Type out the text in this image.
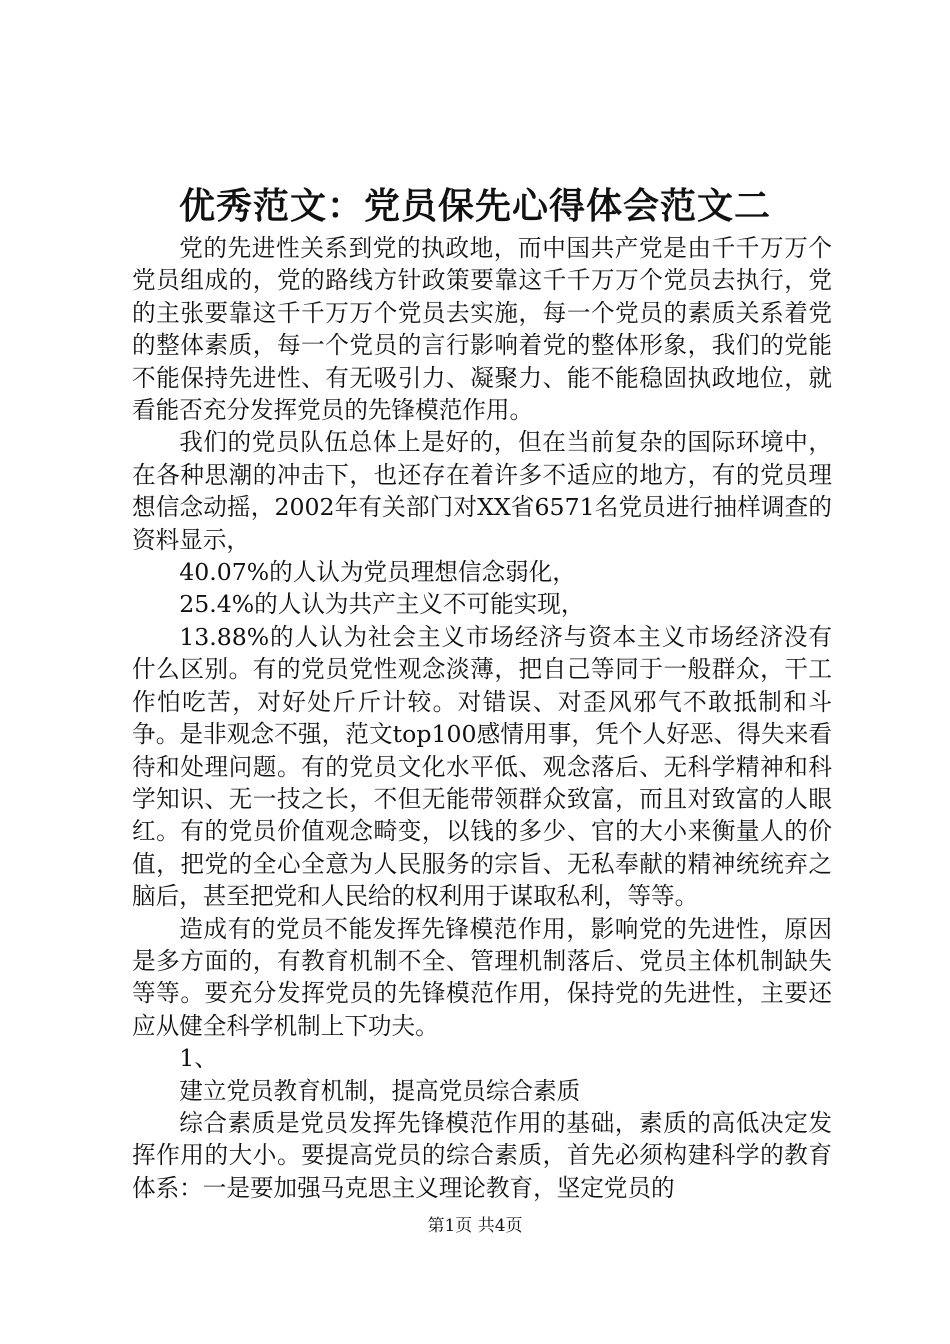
优秀范文：党员保先心得体会范文二

党的先进性关系到党的执政地，而中国共产党是由千千万万个党员组成的，党的路线方针政策要靠这千千万万个党员去执行，党的主张要靠这千千万万个党员去实施，每一个党员的素质关系着党的整体素质，每一个党员的言行影响着党的整体形象，我们的党能不能保持先进性、有无吸引力、凝聚力、能不能稳固执政地位，就看能否充分发挥党员的先锋模范作用。

我们的党员队伍总体上是好的，但在当前复杂的国际环境中，在各种思潮的冲击下，也还存在着许多不适应的地方，有的党员理想信念动摇，2002年有关部门对XX省6571名党员进行抽样调查的资料显示，

40.07%的人认为党员理想信念弱化，

25.4%的人认为共产主义不可能实现，

13.88%的人认为社会主义市场经济与资本主义市场经济没有什么区别。有的党员党性观念淡薄，把自己等同于一般群众，干工作怕吃苦，对好处斤斤计较。对错误、对歪风邪气不敢抵制和斗争。是非观念不强，范文top100感情用事，凭个人好恶、得失来看待和处理问题。有的党员文化水平低、观念落后、无科学精神和科学知识、无一技之长，不但无能带领群众致富，而且对致富的人眼红。有的党员价值观念畸变，以钱的多少、官的大小来衡量人的价值，把党的全心全意为人民服务的宗旨、无私奉献的精神统统弃之脑后，甚至把党和人民给的权利用于谋取私利，等等。

造成有的党员不能发挥先锋模范作用，影响党的先进性，原因是多方面的，有教育机制不全、管理机制落后、党员主体机制缺失等等。要充分发挥党员的先锋模范作用，保持党的先进性，主要还应从健全科学机制上下功夫。

1、

建立党员教育机制，提高党员综合素质

综合素质是党员发挥先锋模范作用的基础，素质的高低决定发挥作用的大小。要提高党员的综合素质，首先必须构建科学的教育体系：一是要加强马克思主义理论教育，坚定党员的

第1页 共4页
